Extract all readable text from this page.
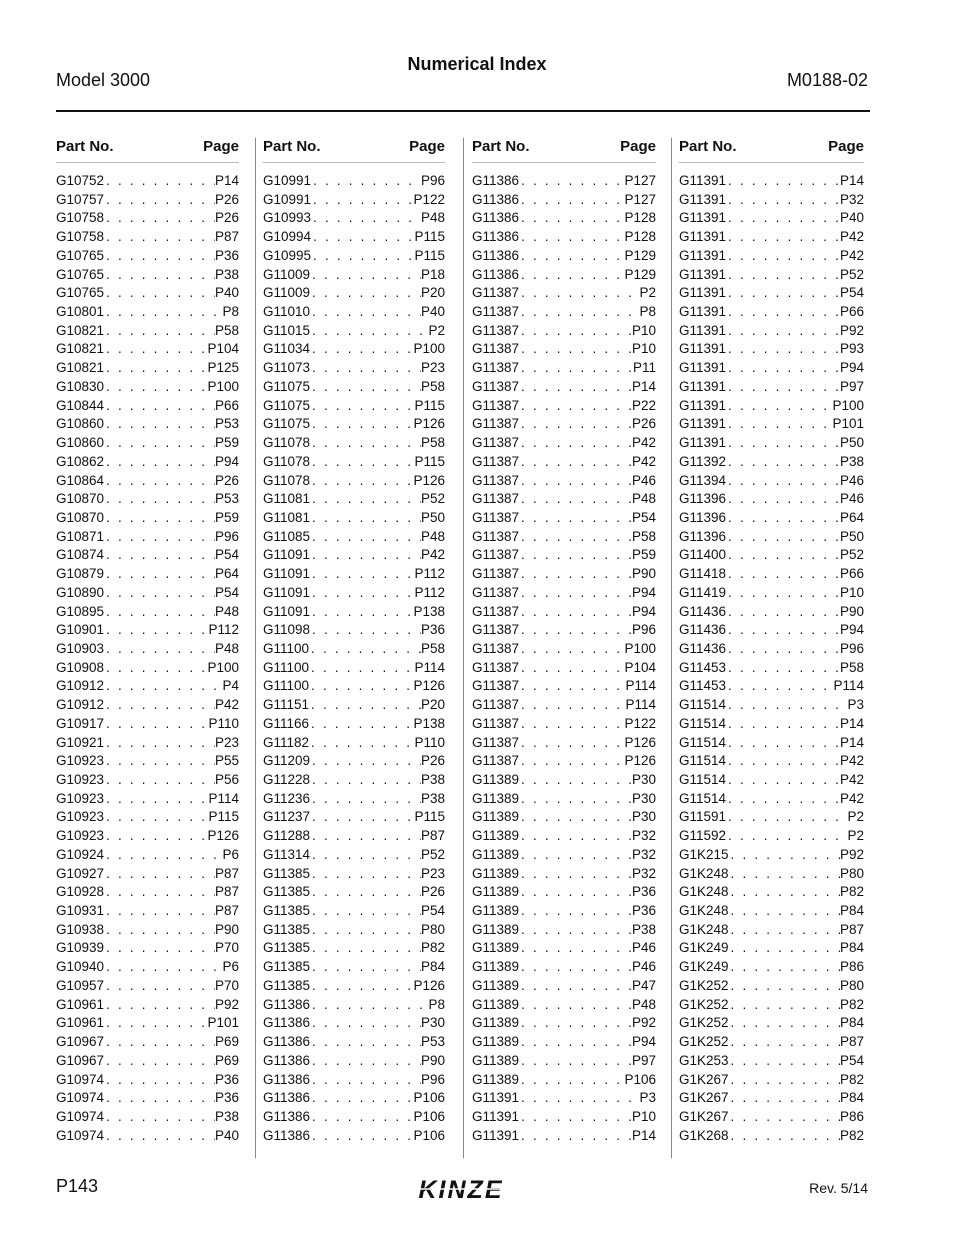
Numerical Index
Model 3000	M0188-02
Part No.	Page
G10752 . . .	P14
G10757 . . .	P26
G10758 . . .	P26
G10758 . . .	P87
G10765 . . .	P36
G10765 . . .	P38
G10765 . . .	P40
G10801 . . .	P8
G10821 . . .	P58
G10821 . . .	P104
G10821 . . .	P125
G10830 . . .	P100
G10844 . . .	P66
G10860 . . .	P53
G10860 . . .	P59
G10862 . . .	P94
G10864 . . .	P26
G10870 . . .	P53
G10870 . . .	P59
G10871 . . .	P96
G10874 . . .	P54
G10879 . . .	P64
G10890 . . .	P54
G10895 . . .	P48
G10901 . . .	P112
G10903 . . .	P48
G10908 . . .	P100
G10912 . . .	P4
G10912 . . .	P42
G10917 . . .	P110
G10921 . . .	P23
G10923 . . .	P55
G10923 . . .	P56
G10923 . . .	P114
G10923 . . .	P115
G10923 . . .	P126
G10924 . . .	P6
G10927 . . .	P87
G10928 . . .	P87
G10931 . . .	P87
G10938 . . .	P90
G10939 . . .	P70
G10940 . . .	P6
G10957 . . .	P70
G10961 . . .	P92
G10961 . . .	P101
G10967 . . .	P69
G10967 . . .	P69
G10974 . . .	P36
G10974 . . .	P36
G10974 . . .	P38
G10974 . . .	P40
Part No.	Page
G10991 . . .	P96
G10991 . . .	P122
G10993 . . .	P48
G10994 . . .	P115
G10995 . . .	P115
G11009 . . .	P18
G11009 . . .	P20
G11010 . . .	P40
G11015 . . .	P2
G11034 . . .	P100
G11073 . . .	P23
G11075 . . .	P58
G11075 . . .	P115
G11075 . . .	P126
G11078 . . .	P58
G11078 . . .	P115
G11078 . . .	P126
G11081 . . .	P52
G11081 . . .	P50
G11085 . . .	P48
G11091 . . .	P42
G11091 . . .	P112
G11091 . . .	P112
G11091 . . .	P138
G11098 . . .	P36
G11100 . . .	P58
G11100 . . .	P114
G11100 . . .	P126
G11151 . . .	P20
G11166 . . .	P138
G11182 . . .	P110
G11209 . . .	P26
G11228 . . .	P38
G11236 . . .	P38
G11237 . . .	P115
G11288 . . .	P87
G11314 . . .	P52
G11385 . . .	P23
G11385 . . .	P26
G11385 . . .	P54
G11385 . . .	P80
G11385 . . .	P82
G11385 . . .	P84
G11385 . . .	P126
G11386 . . .	P8
G11386 . . .	P30
G11386 . . .	P53
G11386 . . .	P90
G11386 . . .	P96
G11386 . . .	P106
G11386 . . .	P106
G11386 . . .	P106
Part No.	Page
G11386 . . .	P127
G11386 . . .	P127
G11386 . . .	P128
G11386 . . .	P128
G11386 . . .	P129
G11386 . . .	P129
G11387 . . .	P2
G11387 . . .	P8
G11387 . . .	P10
G11387 . . .	P10
G11387 . . .	P11
G11387 . . .	P14
G11387 . . .	P22
G11387 . . .	P26
G11387 . . .	P42
G11387 . . .	P42
G11387 . . .	P46
G11387 . . .	P48
G11387 . . .	P54
G11387 . . .	P58
G11387 . . .	P59
G11387 . . .	P90
G11387 . . .	P94
G11387 . . .	P94
G11387 . . .	P96
G11387 . . .	P100
G11387 . . .	P104
G11387 . . .	P114
G11387 . . .	P114
G11387 . . .	P122
G11387 . . .	P126
G11387 . . .	P126
G11389 . . .	P30
G11389 . . .	P30
G11389 . . .	P30
G11389 . . .	P32
G11389 . . .	P32
G11389 . . .	P32
G11389 . . .	P36
G11389 . . .	P36
G11389 . . .	P38
G11389 . . .	P46
G11389 . . .	P46
G11389 . . .	P47
G11389 . . .	P48
G11389 . . .	P92
G11389 . . .	P94
G11389 . . .	P97
G11389 . . .	P106
G11391 . . .	P3
G11391 . . .	P10
G11391 . . .	P14
Part No.	Page
G11391 . . .	P14
G11391 . . .	P32
G11391 . . .	P40
G11391 . . .	P42
G11391 . . .	P42
G11391 . . .	P52
G11391 . . .	P54
G11391 . . .	P66
G11391 . . .	P92
G11391 . . .	P93
G11391 . . .	P94
G11391 . . .	P97
G11391 . . .	P100
G11391 . . .	P101
G11391 . . .	P50
G11392 . . .	P38
G11394 . . .	P46
G11396 . . .	P46
G11396 . . .	P64
G11396 . . .	P50
G11400 . . .	P52
G11418 . . .	P66
G11419 . . .	P10
G11436 . . .	P90
G11436 . . .	P94
G11436 . . .	P96
G11453 . . .	P58
G11453 . . .	P114
G11514 . . .	P3
G11514 . . .	P14
G11514 . . .	P14
G11514 . . .	P42
G11514 . . .	P42
G11514 . . .	P42
G11591 . . .	P2
G11592 . . .	P2
G1K215 . . .	P92
G1K248 . . .	P80
G1K248 . . .	P82
G1K248 . . .	P84
G1K248 . . .	P87
G1K249 . . .	P84
G1K249 . . .	P86
G1K252 . . .	P80
G1K252 . . .	P82
G1K252 . . .	P84
G1K252 . . .	P87
G1K253 . . .	P54
G1K267 . . .	P82
G1K267 . . .	P84
G1K267 . . .	P86
G1K268 . . .	P82
P143	KINZE	Rev. 5/14
